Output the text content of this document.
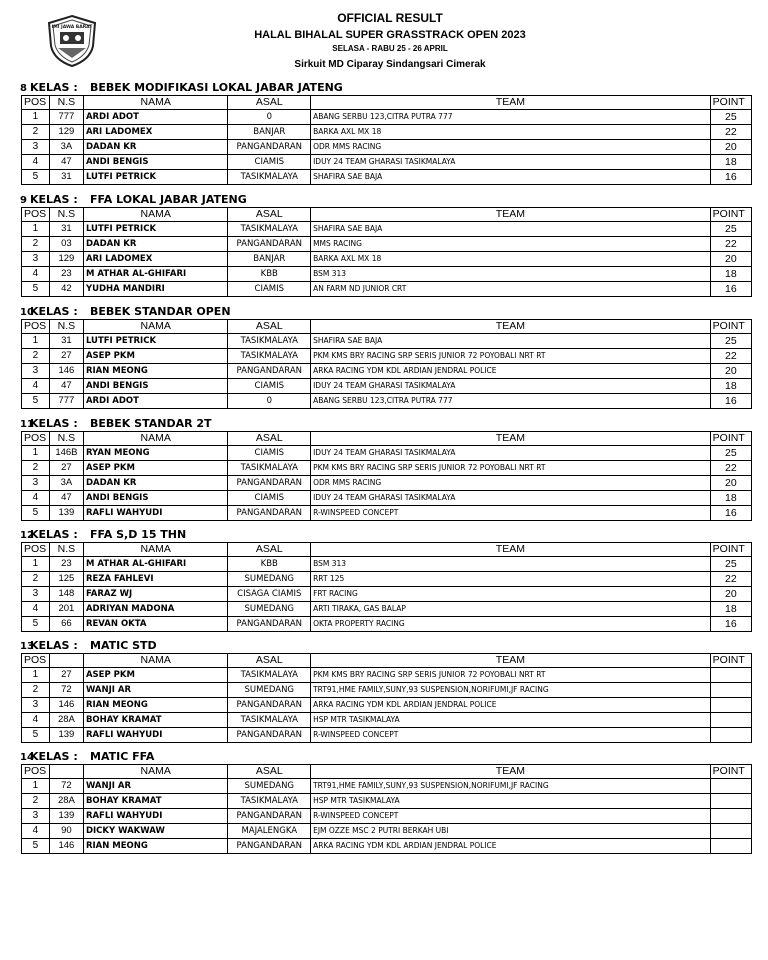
IMI JAWA BARAT
OFFICIAL RESULT
HALAL BIHALAL SUPER GRASSTRACK OPEN 2023
SELASA - RABU 25 - 26 APRIL
Sirkuit MD Ciparay Sindangsari Cimerak
8 KELAS : BEBEK MODIFIKASI LOKAL JABAR JATENG
POS	N.S	NAMA	ASAL	TEAM	POINT
1	777	ARDI ADOT	0	ABANG SERBU 123,CITRA PUTRA 777	25
2	129	ARI LADOMEX	BANJAR	BARKA AXL MX 18	22
3	3A	DADAN KR	PANGANDARAN	ODR MMS RACING	20
4	47	ANDI BENGIS	CIAMIS	IDUY 24 TEAM GHARASI TASIKMALAYA	18
5	31	LUTFI PETRICK	TASIKMALAYA	SHAFIRA SAE BAJA	16
9 KELAS : FFA LOKAL JABAR JATENG
POS	N.S	NAMA	ASAL	TEAM	POINT
1	31	LUTFI PETRICK	TASIKMALAYA	SHAFIRA SAE BAJA	25
2	03	DADAN KR	PANGANDARAN	MMS RACING	22
3	129	ARI LADOMEX	BANJAR	BARKA AXL MX 18	20
4	23	M ATHAR AL-GHIFARI	KBB	BSM 313	18
5	42	YUDHA MANDIRI	CIAMIS	AN FARM ND JUNIOR CRT	16
10KELAS : BEBEK STANDAR OPEN
POS	N.S	NAMA	ASAL	TEAM	POINT
1	31	LUTFI PETRICK	TASIKMALAYA	SHAFIRA SAE BAJA	25
2	27	ASEP PKM	TASIKMALAYA	PKM KMS BRY RACING SRP SERIS JUNIOR 72 POYOBALI NRT RT	22
3	146	RIAN MEONG	PANGANDARAN	ARKA RACING YDM KDL ARDIAN JENDRAL POLICE	20
4	47	ANDI BENGIS	CIAMIS	IDUY 24 TEAM GHARASI TASIKMALAYA	18
5	777	ARDI ADOT	0	ABANG SERBU 123,CITRA PUTRA 777	16
11KELAS : BEBEK STANDAR 2T
POS	N.S	NAMA	ASAL	TEAM	POINT
1	146B	RYAN MEONG	CIAMIS	IDUY 24 TEAM GHARASI TASIKMALAYA	25
2	27	ASEP PKM	TASIKMALAYA	PKM KMS BRY RACING SRP SERIS JUNIOR 72 POYOBALI NRT RT	22
3	3A	DADAN KR	PANGANDARAN	ODR MMS RACING	20
4	47	ANDI BENGIS	CIAMIS	IDUY 24 TEAM GHARASI TASIKMALAYA	18
5	139	RAFLI WAHYUDI	PANGANDARAN	R-WINSPEED CONCEPT	16
12KELAS : FFA S,D 15 THN
POS	N.S	NAMA	ASAL	TEAM	POINT
1	23	M ATHAR AL-GHIFARI	KBB	BSM 313	25
2	125	REZA FAHLEVI	SUMEDANG	RRT 125	22
3	148	FARAZ WJ	CISAGA CIAMIS	FRT RACING	20
4	201	ADRIYAN MADONA	SUMEDANG	ARTI TIRAKA, GAS BALAP	18
5	66	REVAN OKTA	PANGANDARAN	OKTA PROPERTY RACING	16
13KELAS : MATIC STD
POS		NAMA	ASAL	TEAM	POINT
1	27	ASEP PKM	TASIKMALAYA	PKM KMS BRY RACING SRP SERIS JUNIOR 72 POYOBALI NRT RT	
2	72	WANJI AR	SUMEDANG	TRT91,HME FAMILY,SUNY,93 SUSPENSION,NORIFUMI,JF RACING	
3	146	RIAN MEONG	PANGANDARAN	ARKA RACING YDM KDL ARDIAN JENDRAL POLICE	
4	28A	BOHAY KRAMAT	TASIKMALAYA	HSP MTR TASIKMALAYA	
5	139	RAFLI WAHYUDI	PANGANDARAN	R-WINSPEED CONCEPT	
14KELAS : MATIC FFA
POS		NAMA	ASAL	TEAM	POINT
1	72	WANJI AR	SUMEDANG	TRT91,HME FAMILY,SUNY,93 SUSPENSION,NORIFUMI,JF RACING	
2	28A	BOHAY KRAMAT	TASIKMALAYA	HSP MTR TASIKMALAYA	
3	139	RAFLI WAHYUDI	PANGANDARAN	R-WINSPEED CONCEPT	
4	90	DICKY WAKWAW	MAJALENGKA	EJM OZZE MSC 2 PUTRI BERKAH UBI	
5	146	RIAN MEONG	PANGANDARAN	ARKA RACING YDM KDL ARDIAN JENDRAL POLICE	
